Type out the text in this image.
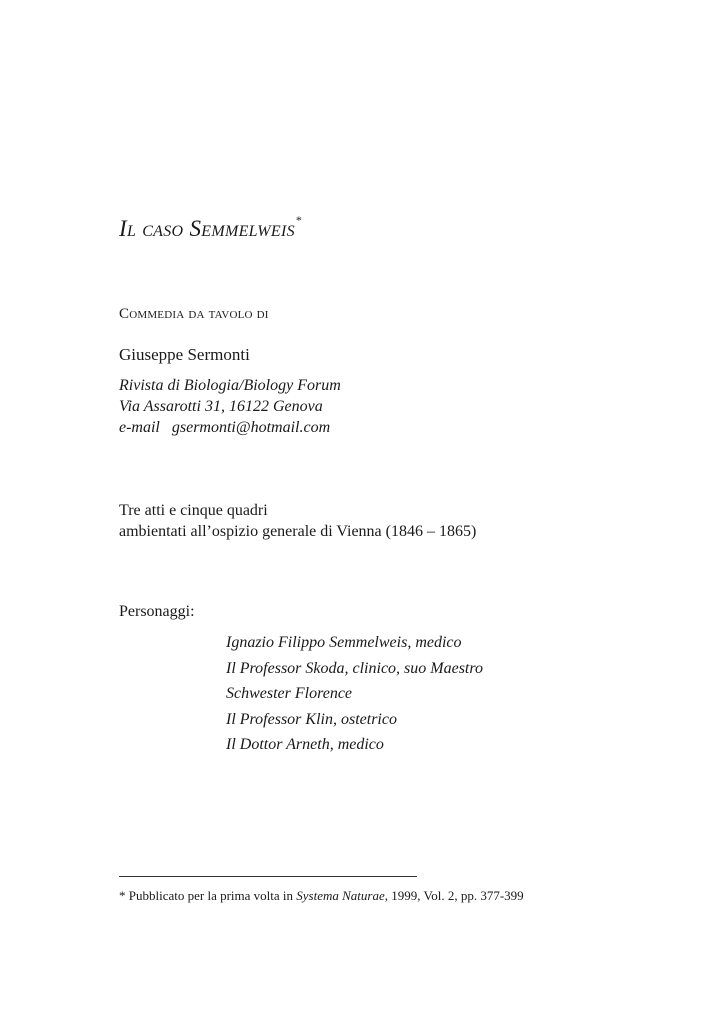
Il caso Semmelweis*
Commedia da tavolo di
Giuseppe Sermonti
Rivista di Biologia/Biology Forum
Via Assarotti 31, 16122 Genova
e-mail gsermonti@hotmail.com
Tre atti e cinque quadri
ambientati all’ospizio generale di Vienna (1846 – 1865)
Personaggi:
Ignazio Filippo Semmelweis, medico
Il Professor Skoda, clinico, suo Maestro
Schwester Florence
Il Professor Klin, ostetrico
Il Dottor Arneth, medico
* Pubblicato per la prima volta in Systema Naturae, 1999, Vol. 2, pp. 377-399
